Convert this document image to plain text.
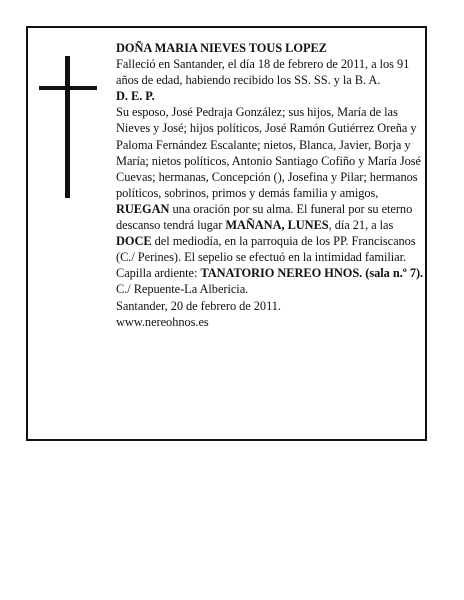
DOÑA MARIA NIEVES TOUS LOPEZ

Falleció en Santander, el día 18 de febrero de 2011, a los 91 años de edad, habiendo recibido los SS. SS. y la B. A.

D. E. P.

Su esposo, José Pedraja González; sus hijos, María de las Nieves y José; hijos políticos, José Ramón Gutiérrez Oreña y Paloma Fernández Escalante; nietos, Blanca, Javier, Borja y María; nietos políticos, Antonio Santiago Cofiño y María José Cuevas; hermanas, Concepción (), Josefina y Pilar; hermanos políticos, sobrinos, primos y demás familia y amigos,

RUEGAN una oración por su alma. El funeral por su eterno descanso tendrá lugar MAÑANA, LUNES, día 21, a las DOCE del mediodía, en la parroquia de los PP. Franciscanos (C./ Perines). El sepelio se efectuó en la intimidad familiar. Capilla ardiente: TANATORIO NEREO HNOS. (sala n.º 7). C./ Repuente-La Albericia.

Santander, 20 de febrero de 2011.

www.nereohnos.es
